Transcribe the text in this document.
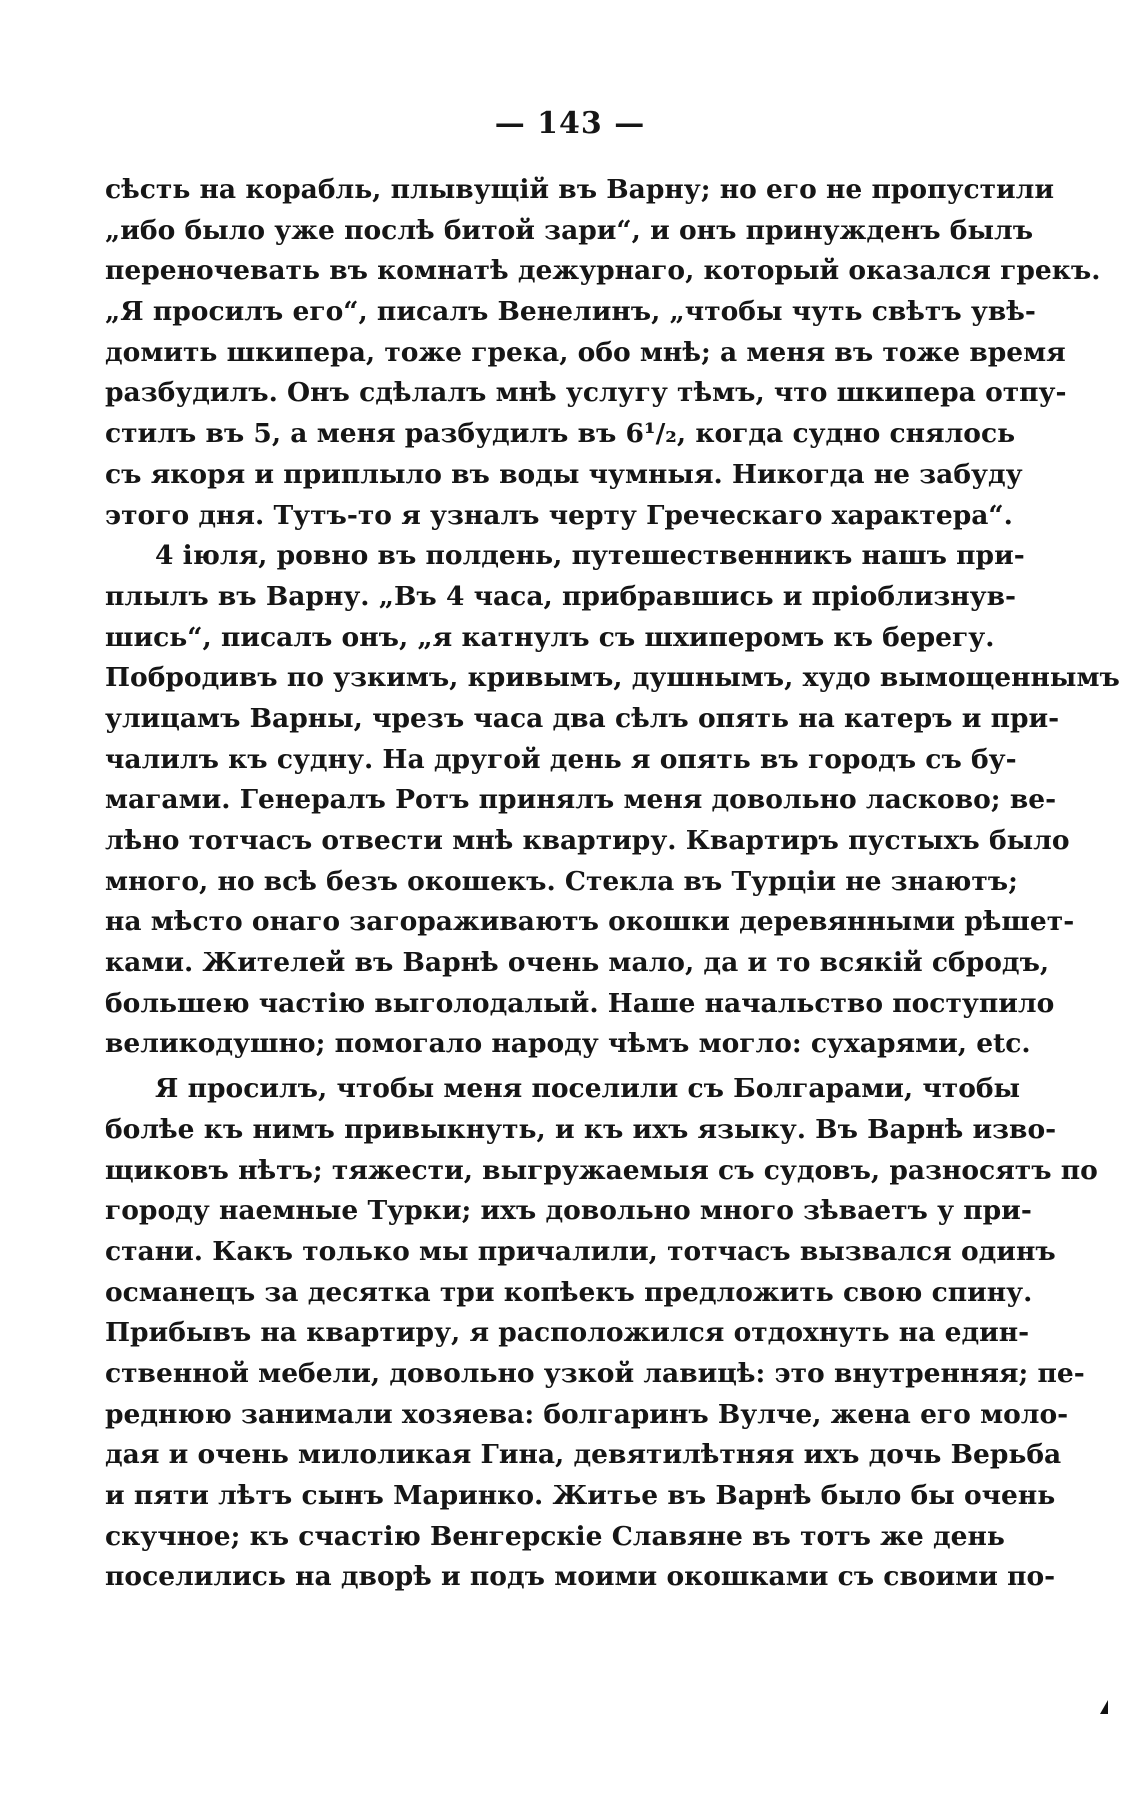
— 143 —
сѣсть на корабль, плывущій въ Варну; но его не пропустили
„ибо было уже послѣ битой зари“, и онъ принужденъ былъ
переночевать въ комнатѣ дежурнаго, который оказался грекъ.
„Я просилъ его“, писалъ Венелинъ, „чтобы чуть свѣтъ увѣ-
домить шкипера, тоже грека, обо мнѣ; а меня въ тоже время
разбудилъ. Онъ сдѣлалъ мнѣ услугу тѣмъ, что шкипера отпу-
стилъ въ 5, а меня разбудилъ въ 6¹/₂, когда судно снялось
съ якоря и приплыло въ воды чумныя. Никогда не забуду
этого дня. Тутъ-то я узналъ черту Греческаго характера“.
4 іюля, ровно въ полдень, путешественникъ нашъ при-
плылъ въ Варну. „Въ 4 часа, прибравшись и пріоблизнув-
шись“, писалъ онъ, „я катнулъ съ шхиперомъ къ берегу.
Побродивъ по узкимъ, кривымъ, душнымъ, худо вымощеннымъ
улицамъ Варны, чрезъ часа два сѣлъ опять на катеръ и при-
чалилъ къ судну. На другой день я опять въ городъ съ бу-
магами. Генералъ Ротъ принялъ меня довольно ласково; ве-
лѣно тотчасъ отвести мнѣ квартиру. Квартиръ пустыхъ было
много, но всѣ безъ окошекъ. Стекла въ Турціи не знаютъ;
на мѣсто онаго загораживаютъ окошки деревянными рѣшет-
ками. Жителей въ Варнѣ очень мало, да и то всякій сбродъ,
большею частію выголодалый. Наше начальство поступило
великодушно; помогало народу чѣмъ могло: сухарями, etc.
Я просилъ, чтобы меня поселили съ Болгарами, чтобы
болѣе къ нимъ привыкнуть, и къ ихъ языку. Въ Варнѣ изво-
щиковъ нѣтъ; тяжести, выгружаемыя съ судовъ, разносятъ по
городу наемные Турки; ихъ довольно много зѣваетъ у при-
стани. Какъ только мы причалили, тотчасъ вызвался одинъ
османецъ за десятка три копѣекъ предложить свою спину.
Прибывъ на квартиру, я расположился отдохнуть на един-
ственной мебели, довольно узкой лавицѣ: это внутренняя; пе-
реднюю занимали хозяева: болгаринъ Вулче, жена его моло-
дая и очень милоликая Гина, девятилѣтняя ихъ дочь Верьба
и пяти лѣтъ сынъ Маринко. Житье въ Варнѣ было бы очень
скучное; къ счастію Венгерскіе Славяне въ тотъ же день
поселились на дворѣ и подъ моими окошками съ своими по-
